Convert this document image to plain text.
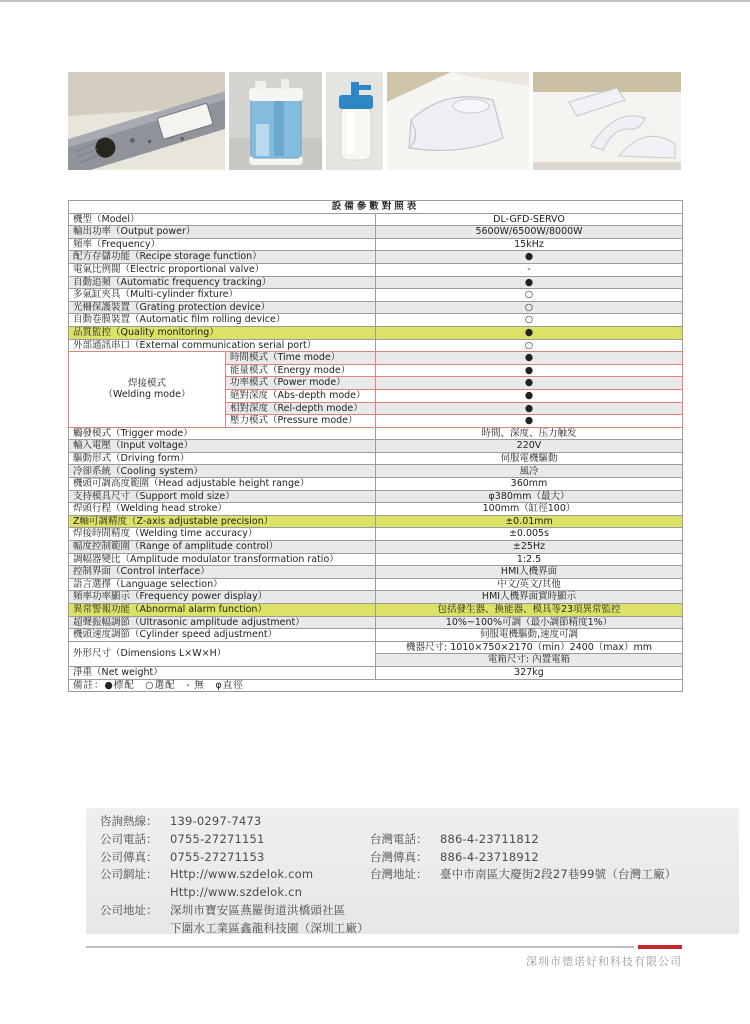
設備參數對照表		
機型（Model）		DL-GFD-SERVO
輸出功率（Output power）		5600W/6500W/8000W
頻率（Frequency）		15kHz
配方存儲功能（Recipe storage function）		●
電氣比例閥（Electric proportional valve）		-
自動追頻（Automatic frequency tracking）		●
多氣缸夾具（Multi-cylinder fixture）		○
光柵保護裝置（Grating protection device）		○
自動卷膜裝置（Automatic film rolling device）		○
品質監控（Quality monitoring）		●
外部通訊串口（External communication serial port）		○

焊接模式
（Welding mode）	時間模式（Time mode）	●
	能量模式（Energy mode）	●
	功率模式（Power mode）	●
	絕對深度（Abs-depth mode）	●
	相對深度（Rel-depth mode）	●
	壓力模式（Pressure mode）	●
觸發模式（Trigger mode）		時間、深度、压力触发
輸入電壓（Input voltage）		220V
驅動形式（Driving form）		伺服電機驅動
冷卻系統（Cooling system）		風冷
機頭可調高度範圍（Head adjustable height range）		360mm
支持模具尺寸（Support mold size）		φ380mm（最大）
焊頭行程（Welding head stroke）		100mm（缸徑100）
Z軸可調精度（Z-axis adjustable precision）		±0.01mm
焊接時間精度（Welding time accuracy）		±0.005s
幅度控制範圍（Range of amplitude control）		±25Hz
調幅器變比（Amplitude modulator transformation ratio）		1:2.5
控制界面（Control interface）		HMI人機界面
語言選擇（Language selection）		中文/英文/其他
頻率功率顯示（Frequency power display）		HMI人機界面實時顯示
異常警報功能（Abnormal alarm function）		包括發生器、換能器、模具等23項異常監控
超聲振幅調節（Ultrasonic amplitude adjustment）		10%~100%可調（最小調節精度1%）
機頭速度調節（Cylinder speed adjustment）		伺服電機驅動,速度可調
外形尺寸（Dimensions L×W×H）		機器尺寸: 1010×750×2170（min）2400（max）mm
		電箱尺寸: 內置電箱
淨重（Net weight）		327kg
備註：●標配　○選配　- 無　φ直徑		
咨詢熱線：	139-0297-7473
公司電話：	0755-27271151
公司傳真：	0755-27271153
公司網址：	Http://www.szdelok.com
Http://www.szdelok.cn
公司地址：	深圳市寶安區燕羅街道洪橋頭社區
下圍水工業區鑫龍科技園（深圳工廠）
台灣電話：	886-4-23711812
台灣傳真：	886-4-23718912
台灣地址：	臺中市南區大慶街2段27巷99號（台灣工廠）
深圳市德诺好和科技有限公司
